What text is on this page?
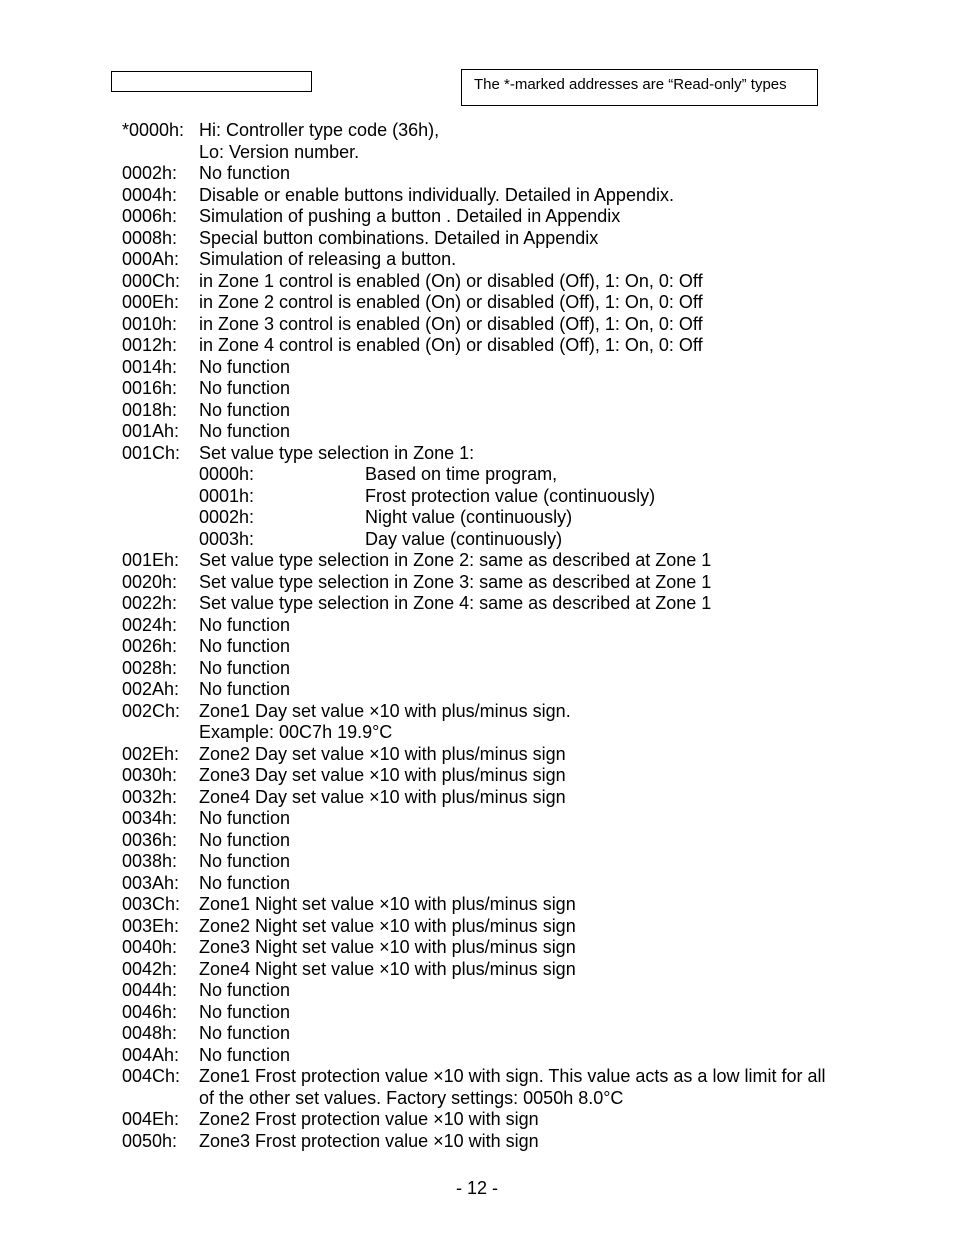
The *-marked addresses are “Read-only” types
*0000h: Hi: Controller type code (36h),
Lo: Version number.
0002h:	No function
0004h:	Disable or enable buttons individually. Detailed in Appendix.
0006h:	Simulation of pushing a button . Detailed in Appendix
0008h:	Special button combinations. Detailed in Appendix
000Ah:	Simulation of releasing a button.
000Ch:	in Zone 1 control is enabled (On) or disabled (Off), 1: On, 0: Off
000Eh:	in Zone 2 control is enabled (On) or disabled (Off), 1: On, 0: Off
0010h:	in Zone 3 control is enabled (On) or disabled (Off), 1: On, 0: Off
0012h:	in Zone 4 control is enabled (On) or disabled (Off), 1: On, 0: Off
0014h:	No function
0016h:	No function
0018h:	No function
001Ah:	No function
001Ch:	Set value type selection in Zone 1:
0000h:	Based on time program,
0001h:	Frost protection value (continuously)
0002h:	Night value (continuously)
0003h:	Day value (continuously)
001Eh:	Set value type selection in Zone 2: same as described at Zone 1
0020h:	Set value type selection in Zone 3: same as described at Zone 1
0022h:	Set value type selection in Zone 4: same as described at Zone 1
0024h:	No function
0026h:	No function
0028h:	No function
002Ah:	No function
002Ch:	Zone1 Day set value ×10 with plus/minus sign.
Example: 00C7h 19.9°C
002Eh:	Zone2 Day set value ×10 with plus/minus sign
0030h:	Zone3 Day set value ×10 with plus/minus sign
0032h:	Zone4 Day set value ×10 with plus/minus sign
0034h:	No function
0036h:	No function
0038h:	No function
003Ah:	No function
003Ch:	Zone1 Night set value ×10 with plus/minus sign
003Eh:	Zone2 Night set value ×10 with plus/minus sign
0040h:	Zone3 Night set value ×10 with plus/minus sign
0042h:	Zone4 Night set value ×10 with plus/minus sign
0044h:	No function
0046h:	No function
0048h:	No function
004Ah:	No function
004Ch:	Zone1 Frost protection value ×10 with sign. This value acts as a low limit for all
of the other set values. Factory settings: 0050h 8.0°C
004Eh:	Zone2 Frost protection value ×10 with sign
0050h:	Zone3 Frost protection value ×10 with sign
- 12 -
